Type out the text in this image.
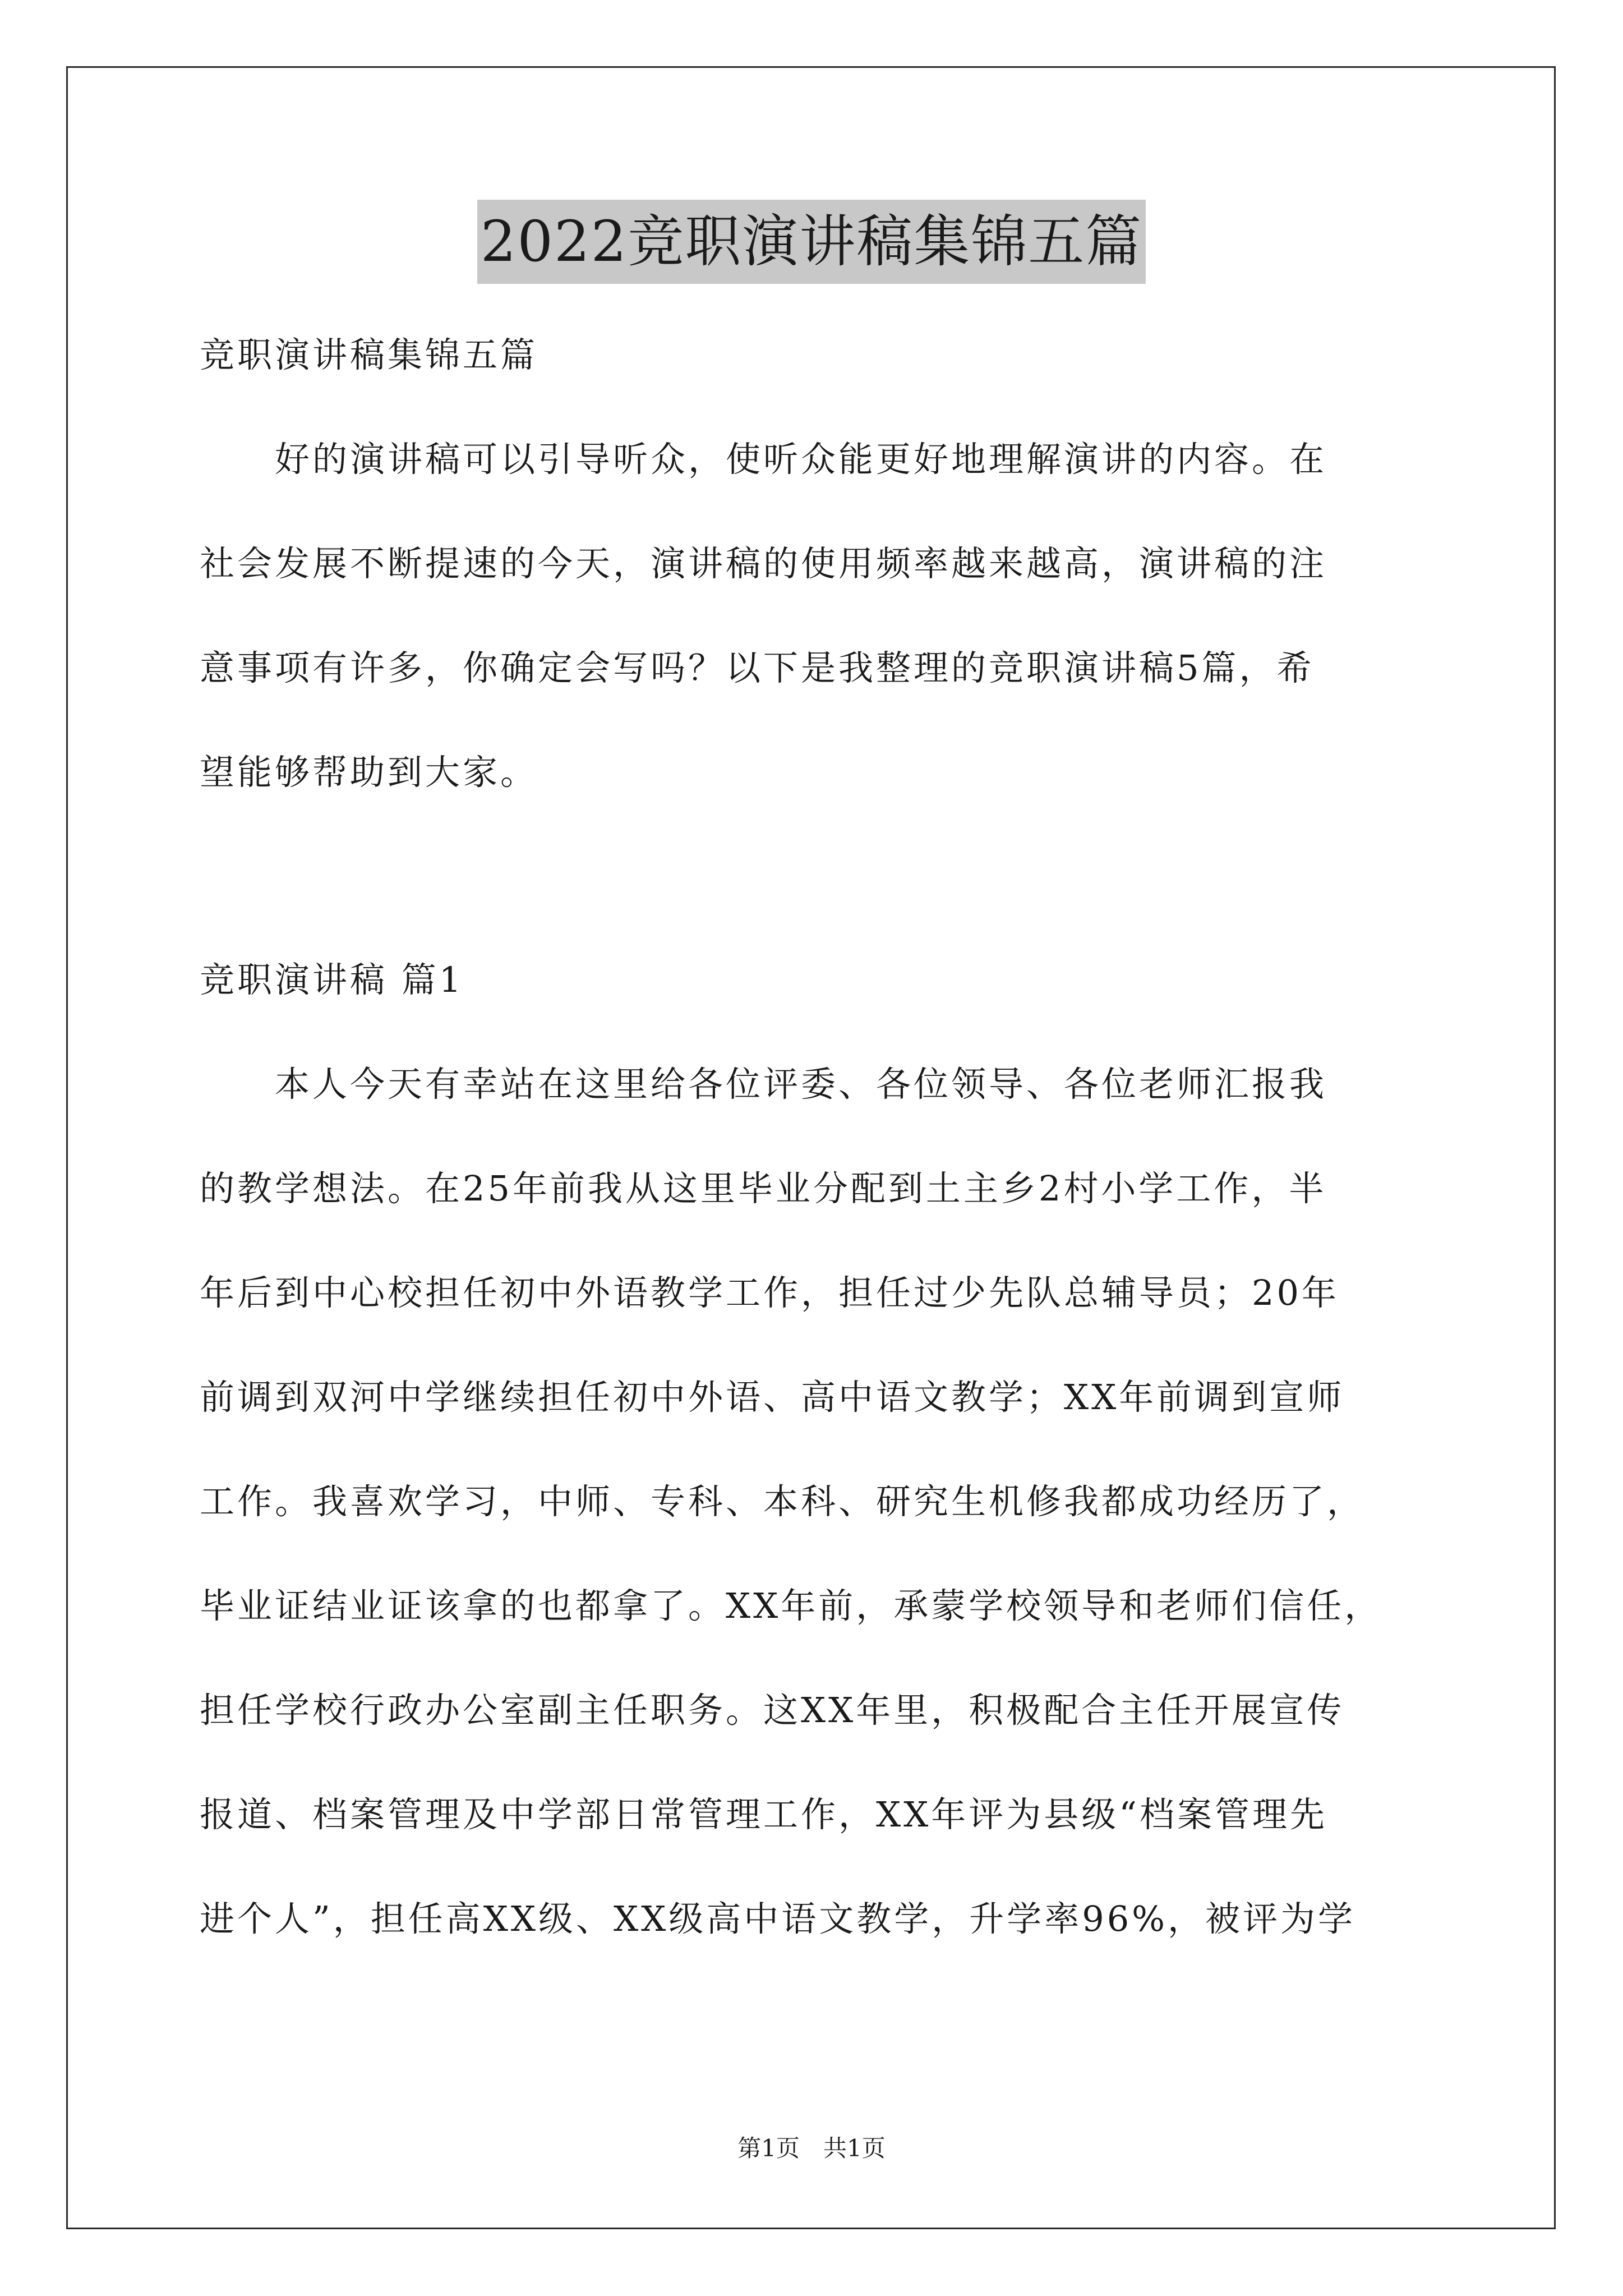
2022竞职演讲稿集锦五篇
竞职演讲稿集锦五篇
　　好的演讲稿可以引导听众，使听众能更好地理解演讲的内容。在
社会发展不断提速的今天，演讲稿的使用频率越来越高，演讲稿的注
意事项有许多，你确定会写吗？以下是我整理的竞职演讲稿5篇，希
望能够帮助到大家。
竞职演讲稿 篇1
　　本人今天有幸站在这里给各位评委、各位领导、各位老师汇报我
的教学想法。在25年前我从这里毕业分配到土主乡2村小学工作，半
年后到中心校担任初中外语教学工作，担任过少先队总辅导员；20年
前调到双河中学继续担任初中外语、高中语文教学；XX年前调到宣师
工作。我喜欢学习，中师、专科、本科、研究生机修我都成功经历了，
毕业证结业证该拿的也都拿了。XX年前，承蒙学校领导和老师们信任，
担任学校行政办公室副主任职务。这XX年里，积极配合主任开展宣传
报道、档案管理及中学部日常管理工作，XX年评为县级“档案管理先
进个人”，担任高XX级、XX级高中语文教学，升学率96%，被评为学
第1页　共1页
